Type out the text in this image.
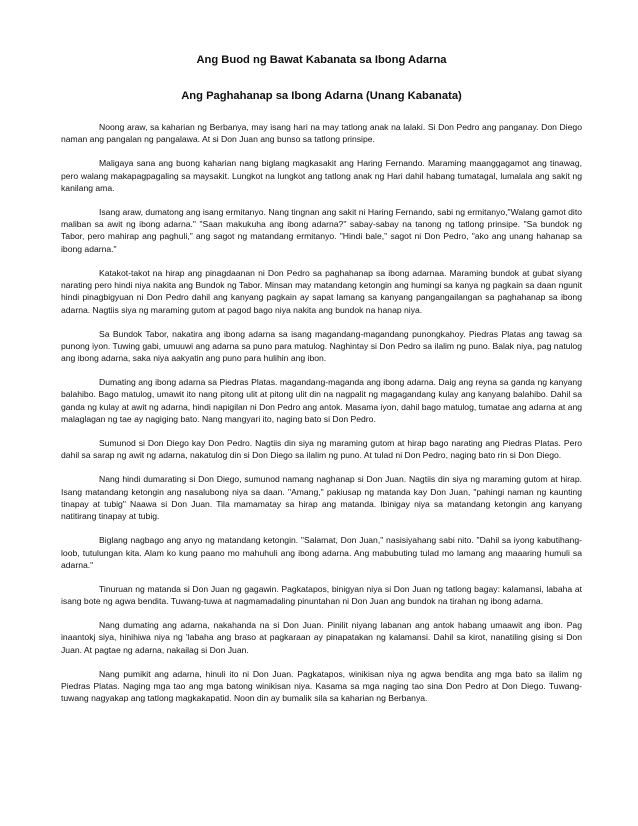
Ang Buod ng Bawat Kabanata sa Ibong Adarna
Ang Paghahanap sa Ibong Adarna (Unang Kabanata)

Noong araw, sa kaharian ng Berbanya, may isang hari na may tatlong anak na lalaki. Si Don Pedro ang panganay. Don Diego naman ang pangalan ng pangalawa. At si Don Juan ang bunso sa tatlong prinsipe.

Maligaya sana ang buong kaharian nang biglang magkasakit ang Haring Fernando. Maraming maanggagamot ang tinawag, pero walang makapagpagaling sa maysakit. Lungkot na lungkot ang tatlong anak ng Hari dahil habang tumatagal, lumalala ang sakit ng kanilang ama.

Isang araw, dumatong ang isang ermitanyo. Nang tingnan ang sakit ni Haring Fernando, sabi ng ermitanyo,"Walang gamot dito maliban sa awit ng ibong adarna." "Saan makukuha ang ibong adarna?" sabay-sabay na tanong ng tatlong prinsipe. "Sa bundok ng Tabor, pero mahirap ang paghuli," ang sagot ng matandang ermitanyo. "Hindi bale," sagot ni Don Pedro, "ako ang unang hahanap sa ibong adarna."

Katakot-takot na hirap ang pinagdaanan ni Don Pedro sa paghahanap sa ibong adarnaa. Maraming bundok at gubat siyang narating pero hindi niya nakita ang Bundok ng Tabor. Minsan may matandang ketongin ang humingi sa kanya ng pagkain sa daan ngunit hindi pinagbigyuan ni Don Pedro dahil ang kanyang pagkain ay sapat lamang sa kanyang pangangailangan sa paghahanap sa ibong adarna. Nagtiis siya ng maraming gutom at pagod bago niya nakita ang bundok na hanap niya.

Sa Bundok Tabor, nakatira ang ibong adarna sa isang magandang-magandang punongkahoy. Piedras Platas ang tawag sa punong iyon. Tuwing gabi, umuuwi ang adarna sa puno para matulog. Naghintay si Don Pedro sa ilalim ng puno. Balak niya, pag natulog ang ibong adarna, saka niya aakyatin ang puno para hulihin ang ibon.

Dumating ang ibong adarna sa Piedras Platas. magandang-maganda ang ibong adarna. Daig ang reyna sa ganda ng kanyang balahibo. Bago matulog, umawit ito nang pitong ulit at pitong ulit din na nagpalit ng magagandang kulay ang kanyang balahibo. Dahil sa ganda ng kulay at awit ng adarna, hindi napigilan ni Don Pedro ang antok. Masama iyon, dahil bago matulog, tumatae ang adarna at ang malaglagan ng tae ay nagiging bato. Nang mangyari ito, naging bato si Don Pedro.

Sumunod si Don Diego kay Don Pedro. Nagtiis din siya ng maraming gutom at hirap bago narating ang Piedras Platas. Pero dahil sa sarap ng awit ng adarna, nakatulog din si Don Diego sa ilalim ng puno. At tulad ni Don Pedro, naging bato rin si Don Diego.

Nang hindi dumarating si Don Diego, sumunod namang naghanap si Don Juan. Nagtiis din siya ng maraming gutom at hirap. Isang matandang ketongin ang nasalubong niya sa daan. "Amang," pakiusap ng matanda kay Don Juan, "pahingi naman ng kaunting tinapay at tubig" Naawa si Don Juan. Tila mamamatay sa hirap ang matanda. Ibinigay niya sa matandang ketongin ang kanyang natitirang tinapay at tubig.

Biglang nagbago ang anyo ng matandang ketongin. "Salamat, Don Juan," nasisiyahang sabi nito. "Dahil sa iyong kabutihang-loob, tutulungan kita. Alam ko kung paano mo mahuhuli ang ibong adarna. Ang mabubuting tulad mo lamang ang maaaring humuli sa adarna."

Tinuruan ng matanda si Don Juan ng gagawin. Pagkatapos, binigyan niya si Don Juan ng tatlong bagay: kalamansi, labaha at isang bote ng agwa bendita. Tuwang-tuwa at nagmamadaling pinuntahan ni Don Juan ang bundok na tirahan ng ibong adarna.

Nang dumating ang adarna, nakahanda na si Don Juan. Pinilit niyang labanan ang antok habang umaawit ang ibon. Pag inaantokj siya, hinihiwa niya ng 'labaha ang braso at pagkaraan ay pinapatakan ng kalamansi. Dahil sa kirot, nanatiling gising si Don Juan. At pagtae ng adarna, nakailag si Don Juan.

Nang pumikit ang adarna, hinuli ito ni Don Juan. Pagkatapos, winikisan niya ng agwa bendita ang mga bato sa ilalim ng Piedras Platas. Naging mga tao ang mga batong winikisan niya. Kasama sa mga naging tao sina Don Pedro at Don Diego. Tuwang-tuwang nagyakap ang tatlong magkakapatid. Noon din ay bumalik sila sa kaharian ng Berbanya.
